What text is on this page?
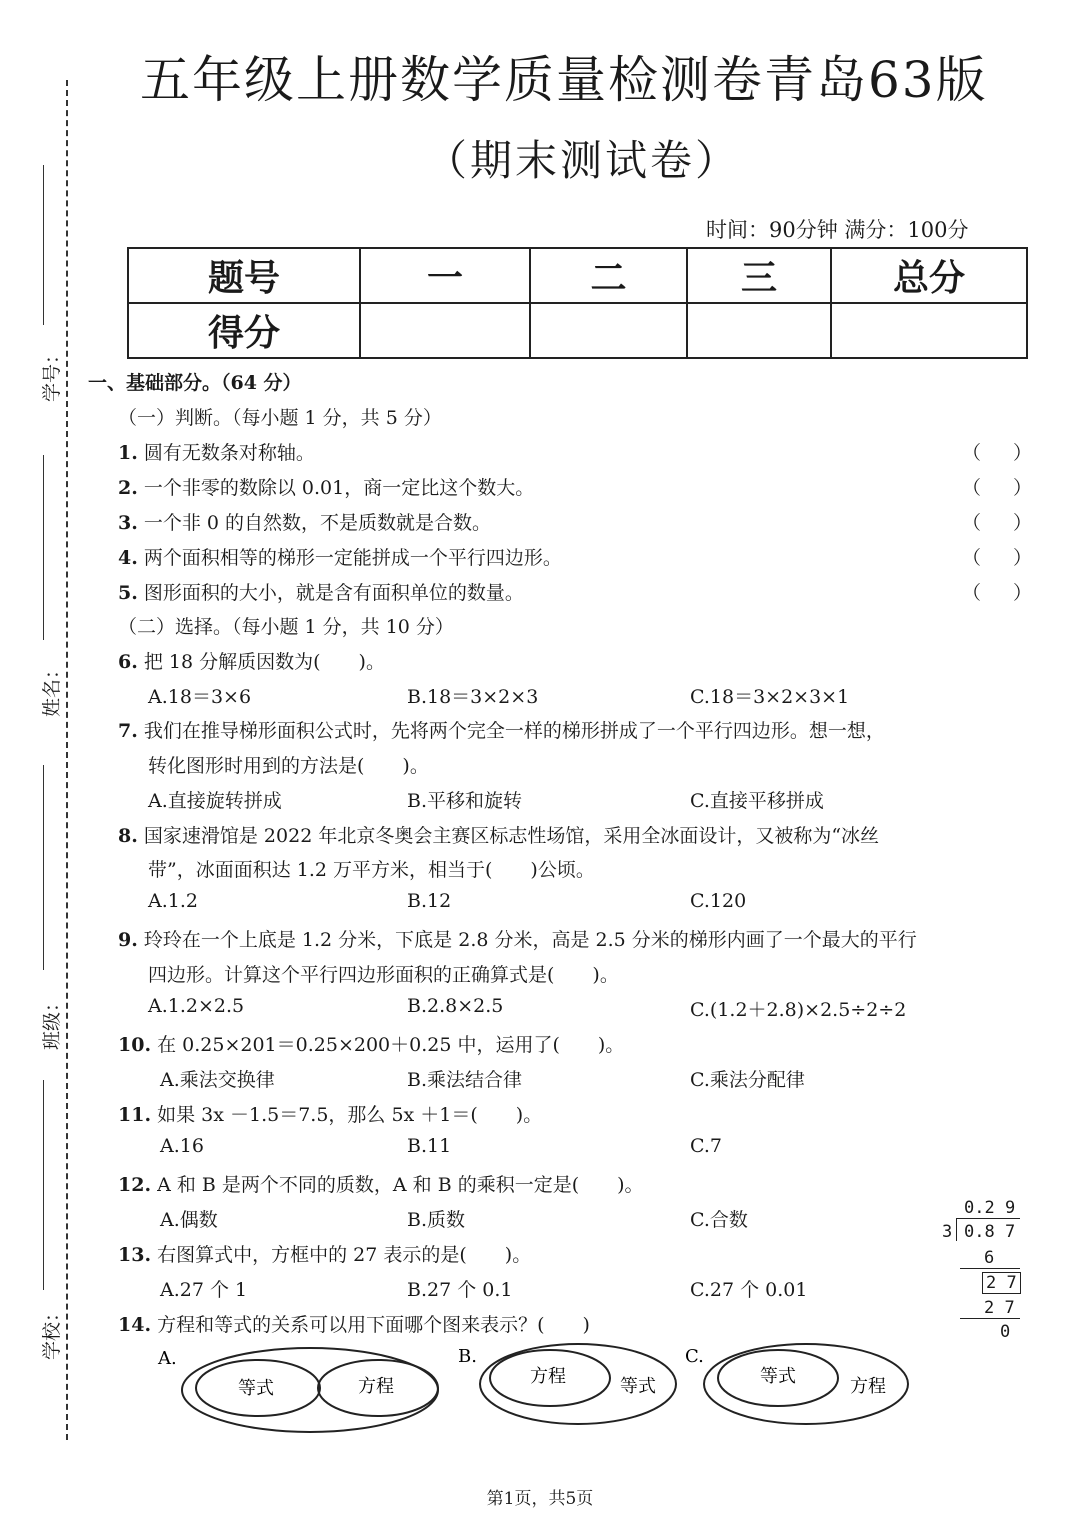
学号：
姓名：
班级：
学校：
五年级上册数学质量检测卷青岛63版
（期末测试卷）
时间：90分钟 满分：100分
题号	一	二	三	总分
得分				
一、基础部分。（64 分）
（一）判断。（每小题 1 分，共 5 分）
1. 圆有无数条对称轴。
2. 一个非零的数除以 0.01，商一定比这个数大。
3. 一个非 0 的自然数，不是质数就是合数。
4. 两个面积相等的梯形一定能拼成一个平行四边形。
5. 图形面积的大小，就是含有面积单位的数量。
（ ）
（ ）
（ ）
（ ）
（ ）
（二）选择。（每小题 1 分，共 10 分）
6. 把 18 分解质因数为(　　)。
A.18＝3×6	B.18＝3×2×3	C.18＝3×2×3×1
7. 我们在推导梯形面积公式时，先将两个完全一样的梯形拼成了一个平行四边形。想一想，
转化图形时用到的方法是(　　)。
A.直接旋转拼成	B.平移和旋转	C.直接平移拼成
8. 国家速滑馆是 2022 年北京冬奥会主赛区标志性场馆，采用全冰面设计，又被称为“冰丝
带”，冰面面积达 1.2 万平方米，相当于(　　)公顷。
A.1.2	B.12	C.120
9. 玲玲在一个上底是 1.2 分米，下底是 2.8 分米，高是 2.5 分米的梯形内画了一个最大的平行
四边形。计算这个平行四边形面积的正确算式是(　　)。
A.1.2×2.5	B.2.8×2.5	C.(1.2＋2.8)×2.5÷2÷2
10. 在 0.25×201＝0.25×200＋0.25 中，运用了(　　)。
A.乘法交换律	B.乘法结合律	C.乘法分配律
11. 如果 3x －1.5＝7.5，那么 5x ＋1＝(　　)。
A.16	B.11	C.7
12. A 和 B 是两个不同的质数，A 和 B 的乘积一定是(　　)。
A.偶数	B.质数	C.合数
13. 右图算式中，方框中的 27 表示的是(　　)。
A.27 个 1	B.27 个 0.1	C.27 个 0.01
14. 方程和等式的关系可以用下面哪个图来表示？(　　)
0.2 9
3 0.8 7
6
2 7
2 7
0
A.
等式	方程
B.
方程	等式
C.
等式	方程
第1页，共5页
